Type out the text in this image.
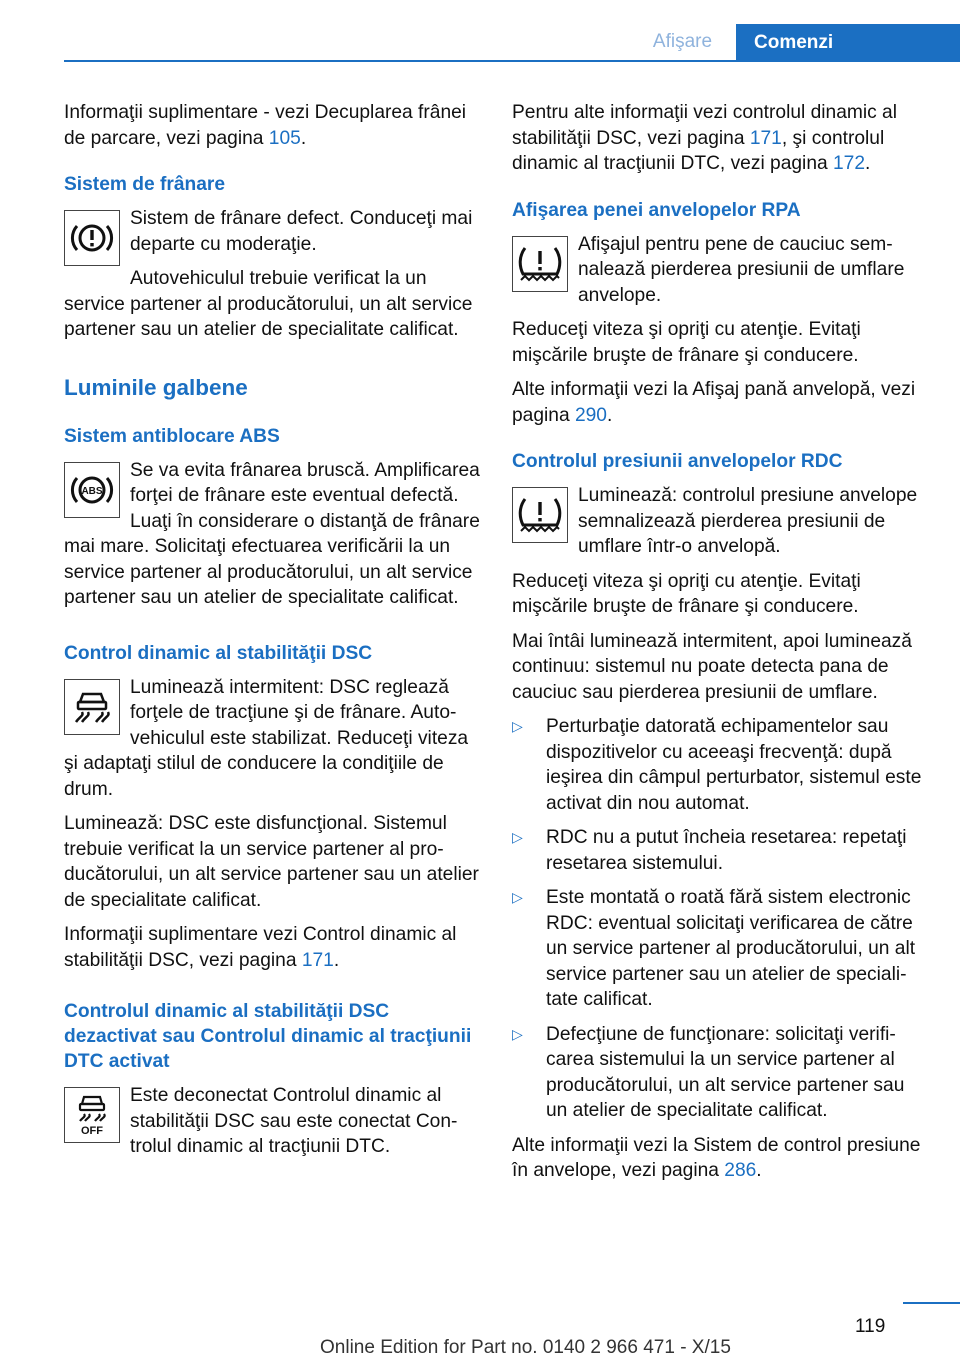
Afişare	Comenzi

Informaţii suplimentare - vezi Decuplarea frânei de parcare, vezi pagina 105.

Sistem de frânare

Sistem de frânare defect. Conduceţi mai departe cu moderaţie.

Autovehiculul trebuie verificat la un service partener al producătorului, un alt service partener sau un atelier de specialitate calificat.

Luminile galbene
Sistem antiblocare ABS
ABS

Se va evita frânarea bruscă. Amplificarea forţei de frânare este eventual defectă. Luaţi în considerare o distanţă de frânare mai mare. Solicitaţi efectuarea verificării la un service partener al producătorului, un alt service partener sau un atelier de specialitate calificat.

Control dinamic al stabilităţii DSC

Luminează intermitent: DSC reglează forţele de tracţiune şi de frânare. Autovehiculul este stabilizat. Reduceţi viteza şi adaptaţi stilul de conducere la condiţiile de drum.

Luminează: DSC este disfuncţional. Sistemul trebuie verificat la un service partener al producătorului, un alt service partener sau un atelier de specialitate calificat.

Informaţii suplimentare vezi Control dinamic al stabilităţii DSC, vezi pagina 171.

Controlul dinamic al stabilităţii DSC dezactivat sau Controlul dinamic al tracţiunii DTC activat
OFF

Este deconectat Controlul dinamic al stabilităţii DSC sau este conectat Controlul dinamic al tracţiunii DTC.

Pentru alte informaţii vezi controlul dinamic al stabilităţii DSC, vezi pagina 171, şi controlul dinamic al tracţiunii DTC, vezi pagina 172.

Afişarea penei anvelopelor RPA

Afişajul pentru pene de cauciuc semnalează pierderea presiunii de umflare anvelope.

Reduceţi viteza şi opriţi cu atenţie. Evitaţi mişcările bruşte de frânare şi conducere.

Alte informaţii vezi la Afişaj pană anvelopă, vezi pagina 290.

Controlul presiunii anvelopelor RDC

Luminează: controlul presiune anvelope semnalizează pierderea presiunii de umflare într-o anvelopă.

Reduceţi viteza şi opriţi cu atenţie. Evitaţi mişcările bruşte de frânare şi conducere.

Mai întâi luminează intermitent, apoi luminează continuu: sistemul nu poate detecta pana de cauciuc sau pierderea presiunii de umflare.

▷ Perturbaţie datorată echipamentelor sau dispozitivelor cu aceeaşi frecvenţă: după ieşirea din câmpul perturbator, sistemul este activat din nou automat.
▷ RDC nu a putut încheia resetarea: repetaţi resetarea sistemului.
▷ Este montată o roată fără sistem electronic RDC: eventual solicitaţi verificarea de către un service partener al producătorului, un alt service partener sau un atelier de specialitate calificat.
▷ Defecţiune de funcţionare: solicitaţi verificarea sistemului la un service partener al producătorului, un alt service partener sau un atelier de specialitate calificat.

Alte informaţii vezi la Sistem de control presiune în anvelope, vezi pagina 286.

119
Online Edition for Part no. 0140 2 966 471 - X/15
